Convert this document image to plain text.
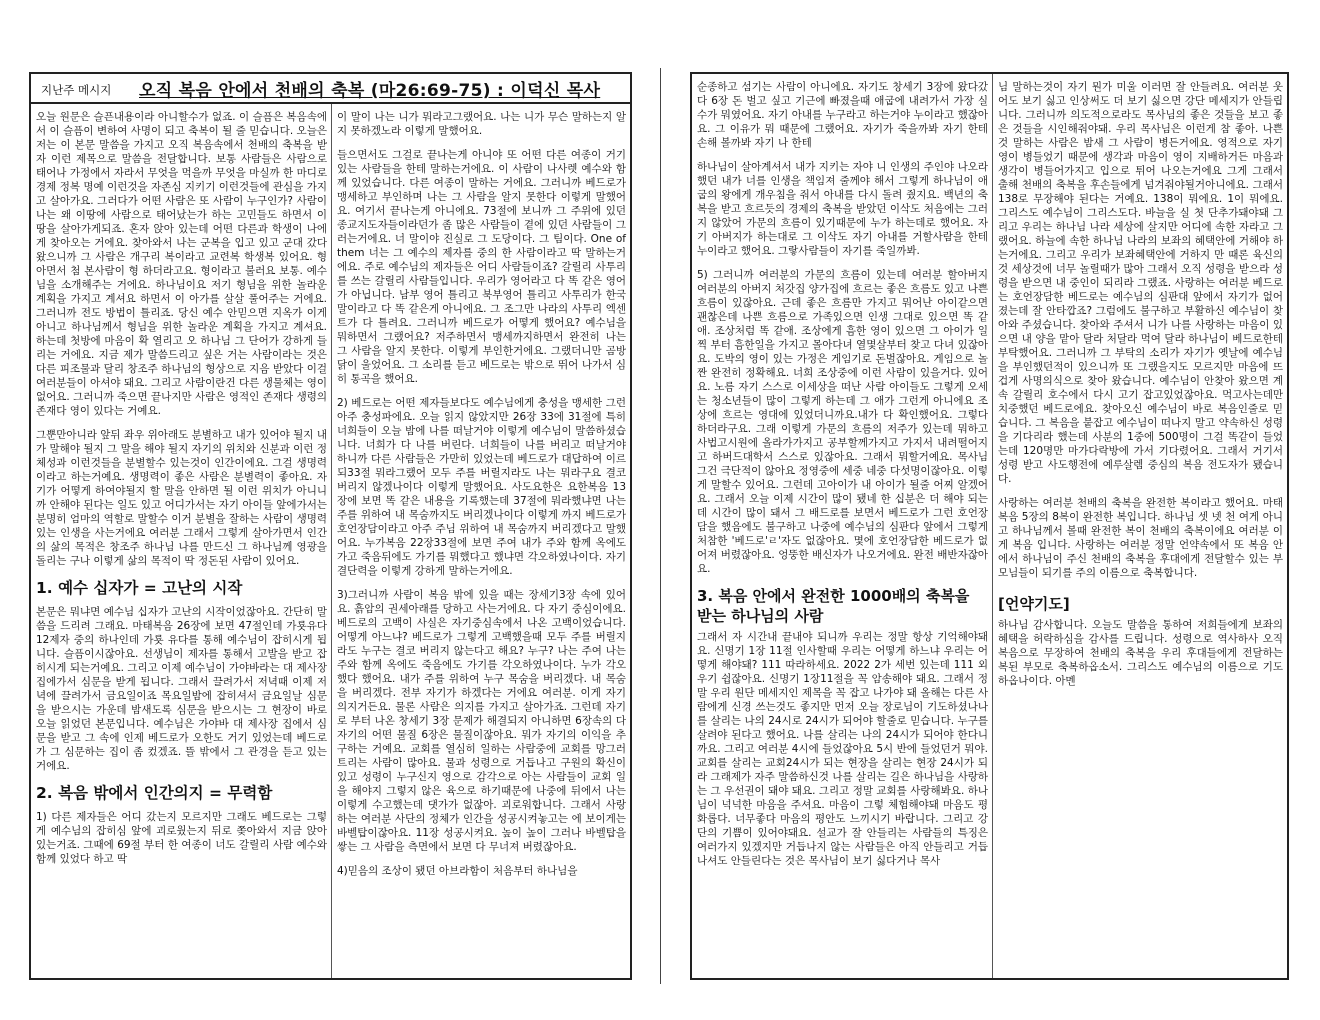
지난주 메시지 오직 복음 안에서 천배의 축복 (마26:69-75) : 이덕신 목사

오늘 원문은 슬픈내용이라 아니할수가 없죠. 이 슬픔은 복음속에서 이 슬픔이 변하여 사명이 되고 축복이 될 줄 믿습니다. 오늘은 저는 이 본문 말씀을 가지고 오직 복음속에서 천배의 축복을 받자 이런 제목으로 말씀을 전달합니다. 보통 사람들은 사람으로 태어나 가정에서 자라서 무엇을 먹을까 무엇을 마실까 한 마디로 경제 정복 명예 이런것을 자존심 지키기 이런것들에 관심을 가지고 살아가요. 그러다가 어떤 사람은 또 사람이 누구인가? 사람이 나는 왜 이땅에 사람으로 태어났는가 하는 고민들도 하면서 이 땅을 살아가게되죠. 혼자 앉아 있는데 어떤 다른과 학생이 나에게 찾아오는 거에요. 찾아와서 나는 군복을 입고 있고 군대 갔다 왔으니까 그 사람은 개구리 복이라고 교련복 학생복 있어요. 형아면서 첨 본사람이 형 하더라고요. 형이라고 불러요 보통. 예수님을 소개해주는 거에요. 하나님이요 저기 형님을 위한 놀라운 계획을 가지고 계셔요 하면서 이 아가를 살살 풀어주는 거에요. 그러니까 전도 방법이 틀리죠. 당신 예수 안믿으면 지옥가 이게 아니고 하나님께서 형님을 위한 놀라운 계획을 가지고 계셔요. 하는데 첫방에 마음이 확 열리고 오 하나님 그 단어가 강하게 들리는 거에요. 지금 제가 말씀드리고 싶은 거는 사람이라는 것은 다른 피조물과 달리 창조주 하나님의 형상으로 지음 받았다 이걸 여러분들이 아셔야 돼요. 그리고 사람이란건 다른 생물체는 영이 없어요. 그러니까 죽으면 끝나지만 사람은 영적인 존재다 생령의 존재다 영이 있다는 거예요.

그뿐만아니라 앞뒤 좌우 위아래도 분별하고 내가 있어야 될지 내가 말해야 될지 그 말을 해야 될지 자기의 위치와 신분과 이런 정체성과 이런것들을 분별할수 있는것이 인간이에요. 그걸 생명력이라고 하는거예요. 생명력이 좋은 사람은 분별력이 좋아요. 자기가 어떻게 하여야될지 할 말을 안하면 될 이런 위치가 아니니까 안해야 된다는 일도 있고 어디가서는 자기 아이들 앞에가서는 분명히 엄마의 역할로 말할수 이거 분별을 잘하는 사람이 생명력있는 인생을 사는거에요 여러분 그래서 그렇게 살아가면서 인간의 삶의 목적은 창조주 하나님 나를 만드신 그 하나님께 영광을 돌리는 구나 이렇게 삶의 목적이 딱 정돈된 사람이 있어요.

1. 예수 십자가 = 고난의 시작

본문은 뭐냐면 예수님 십자가 고난의 시작이었잖아요. 간단히 말씀을 드리려 그래요. 마태복음 26장에 보면 47절인데 가룟유다 12제자 중의 하나인데 가룟 유다를 통해 예수님이 잡히시게 됩니다. 슬픔이시잖아요. 선생님이 제자를 통해서 고발을 받고 잡히시게 되는거예요. 그리고 이제 예수님이 가야바라는 대 제사장 집에가서 심문을 받게 됩니다. 그래서 끌려가서 저녁때 이제 저녁에 끌려가서 금요일이죠 목요일밤에 잡히셔서 금요일날 심문을 받으시는 가운데 밤새도록 심문을 받으시는 그 현장이 바로 오늘 읽었던 본문입니다. 예수님은 가야바 대 제사장 집에서 심문을 받고 그 속에 인제 베드로가 오한도 거기 있었는데 베드로가 그 심문하는 집이 좀 컸겠죠. 뜰 밖에서 그 관경을 듣고 있는 거에요.

2. 복음 밖에서 인간의지 = 무력함

1) 다른 제자들은 어디 갔는지 모르지만 그래도 베드로는 그렇게 예수님의 잡히심 앞에 괴로웠는지 뒤로 쫒아와서 지금 앉아 있는거죠. 그때에 69절 부터 한 여종이 너도 갈릴리 사람 예수와 함께 있었다 하고 딱

이 말이 나는 니가 뭐라고그랬어요. 나는 니가 무슨 말하는지 알지 못하겠노라 이렇게 말했어요.

들으면서도 그걸로 끝나는게 아니야 또 어떤 다른 여종이 거기 있는 사람들을 한테 말하는거에요. 이 사람이 나사렛 예수와 함께 있었습니다. 다른 여종이 말하는 거에요. 그러니까 베드로가 맹세하고 부인하며 나는 그 사람을 알지 못한다 이렇게 말했어요. 여기서 끝나는게 아니에요. 73절에 보니까 그 주위에 있던 종교지도자들이라던가 좀 많은 사람들이 곁에 있던 사람들이 그러는거에요. 너 말이야 진실로 그 도당이다. 그 팀이다. One of them 너는 그 예수의 제자를 중의 한 사람이라고 딱 말하는거에요. 주로 예수님의 제자들은 어디 사람들이죠? 갈릴리 사투리를 쓰는 갈릴리 사람들입니다. 우리가 영어라고 다 똑 같은 영어가 아닙니다. 남부 영어 틀리고 북부영어 틀리고 사투리가 한국말이라고 다 똑 같은게 아니에요. 그 조그만 나라의 사투리 엑센트가 다 틀려요. 그러니까 베드로가 어떻게 했어요? 예수님을 뭐하면서 그랬어요? 저주하면서 맹세까지하면서 완전히 나는 그 사람을 알지 못한다. 이렇게 부인한거에요. 그랬더니만 곰방 닭이 울었어요. 그 소리를 듣고 베드로는 밖으로 뛰어 나가서 심히 통곡을 했어요.

2) 베드로는 어떤 제자들보다도 예수님에게 충성을 맹세한 그런 아주 충성파에요. 오늘 읽지 않았지만 26장 33에 31절에 특히 너희들이 오늘 밤에 나를 떠날거야 이렇게 예수님이 말씀하셨습니다. 너희가 다 나를 버린다. 너희들이 나를 버리고 떠날거야 하니까 다른 사람들은 가만히 있었는데 베드로가 대답하여 이르되33절 뭐라그랬어 모두 주를 버릴지라도 나는 뭐라구요 결코 버리지 않겠나이다 이렇게 말했어요. 사도요한은 요한복음 13장에 보면 똑 같은 내용을 기록했는데 37절에 뭐라했냐면 나는 주를 위하여 내 목숨까지도 버리겠나이다 이렇게 까지 베드로가 호언장담이라고 아주 주님 위하여 내 목숨까지 버리겠다고 말했어요. 누가복음 22장33절에 보면 주여 내가 주와 함께 옥에도 가고 죽음뒤에도 가기를 뭐했다고 했냐면 각오하였나이다. 자기 결단력을 이렇게 강하게 말하는거에요.

3)그러니까 사람이 복음 밖에 있을 때는 장세기3장 속에 있어요. 흙암의 권세아래를 당하고 사는거에요. 다 자기 중심이에요. 베드로의 고백이 사실은 자기중심속에서 나온 고백이었습니다. 어떻게 아느냐? 베드로가 그렇게 고백했을때 모두 주를 버릴지라도 누구는 결코 버리지 않는다고 해요? 누구? 나는 주여 나는 주와 함께 옥에도 죽음에도 가기를 각오하였나이다. 누가 각오했다 했어요. 내가 주를 위하여 누구 목숨을 버리겠다. 내 목숨을 버리겠다. 전부 자기가 하겠다는 거에요 여러분. 이게 자기 의지거든요. 물론 사람은 의지를 가지고 살아가죠. 그런데 자기로 부터 나온 창세기 3장 문제가 해결되지 아니하면 6장속의 다 자기의 어떤 물질 6장은 물질이잖아요. 뭐가 자기의 이익을 추구하는 거예요. 교회를 열심히 일하는 사람중에 교회를 망그러트리는 사람이 많아요. 물과 성령으로 거듭나고 구원의 확신이 있고 성령이 누구신지 영으로 감각으로 아는 사람들이 교회 일을 해야지 그렇지 않은 육으로 하기때문에 나중에 뒤에서 나는 이렇게 수고했는데 댓가가 없잖아. 괴로워합니다. 그래서 사랑하는 여러분 사단의 정체가 인간을 성공시켜놓고는 에 보이게는 바벨탑이잖아요. 11장 성공시켜요. 높이 높이 그러나 바벨탑을 쌓는 그 사람을 측면에서 보면 다 무너져 버렸잖아요.

4)믿음의 조상이 됐던 아브라함이 처음부터 하나님을

순종하고 섬기는 사람이 아니에요. 자기도 창세기 3장에 왔다갔다 6장 돈 벌고 싶고 기근에 빠졌을때 애굽에 내려가서 가장 실수가 뭐였어요. 자기 아내를 누구라고 하는거야 누이라고 했잖아요. 그 이유가 뭐 때문에 그랬어요. 자기가 죽을까봐 자기 한테 손해 볼까봐 자기 나 한테

하나님이 살아계셔서 내가 지키는 자야 니 인생의 주인야 나오라 했던 내가 너를 인생을 책임져 줄께야 해서 그렇게 하나님이 애굽의 왕에게 개우침을 줘서 아내를 다시 돌려 줬지요. 백년의 축복을 받고 흐르듯의 경제의 축복을 받았던 이삭도 처음에는 그러지 않았어 가문의 흐름이 있기때문에 누가 하는데로 했어요. 자기 아버지가 하는대로 그 이삭도 자기 아내를 거할사람을 한테 누이라고 했어요. 그랗사람들이 자기를 죽일까봐.

5) 그러니까 여러분의 가문의 흐름이 있는데 여러분 할아버지 여러분의 아버지 처갓집 양가집에 흐르는 좋은 흐름도 있고 나쁜 흐름이 있잖아요. 근데 좋은 흐름만 가지고 뭐어난 아이같으면 괜찮은데 나쁜 흐름으로 가족있으면 인생 그대로 있으면 똑 같애. 조상처럼 똑 같애. 조상에게 흠한 영이 있으면 그 아이가 일찍 부터 흠한일을 가지고 몰아다녀 열몇살부터 찾고 다녀 있잖아요. 도박의 영이 있는 가정은 게임기로 돈벌잖아요. 게임으로 놀짠 완전히 정확해요. 너희 조상중에 이런 사람이 있을거다. 있어요. 노름 자기 스스로 이세상을 떠난 사람 아이들도 그렇게 오세는 청소년들이 많이 그렇게 하는데 그 애가 그런게 아니에요 조상에 흐르는 영대에 있었더니까요.내가 다 확인했어요. 그렇다 하더라구요. 그래 이렇게 가문의 흐름의 저주가 있는데 뭐하고 사법고시원에 올라가가지고 공부할께가지고 가지서 내려떨어지고 하버드대학서 스스로 있잖아요. 그래서 뭐할거예요. 목사님 그건 극단적이 않아요 정영중에 세중 네중 다섯명이잖아요. 이렇게 말할수 있어요. 그런데 고아이가 내 아이가 될줄 어찌 알겠어요. 그래서 오늘 이제 시간이 많이 됐네 한 십분은 더 해야 되는데 시간이 많이 돼서 그 배드로를 보면서 베드로가 그런 호언장담을 했음에도 불구하고 나중에 예수님의 심판다 앞에서 그렇게 처참한 '베드로'ㄹ'자도 없잖아요. 몇에 호언장담한 베드로가 없어져 버렸잖아요. 엉뚱한 배신자가 나오거에요. 완전 배반자잖아요.

3. 복음 안에서 완전한 1000배의 축복을 받는 하나님의 사람

그래서 자 시간내 끝내야 되니까 우리는 정말 항상 기억해야돼요. 신명기 1장 11절 인사할때 우리는 어떻게 하느냐 우리는 어떻게 해야돼? 111 따라하세요. 2022 2가 세번 있는데 111 외우기 쉽잖아요. 신명기 1장11절을 꼭 암송해야 돼요. 그래서 정말 우리 원단 메세지인 제목을 꼭 잡고 나가야 돼 올해는 다른 사람에게 신경 쓰는것도 좋지만 먼저 오늘 장로님이 기도하셨나나를 살리는 나의 24시로 24시가 되어야 할줄로 믿습니다. 누구를 살려야 된다고 했어요. 나를 살리는 나의 24시가 되어야 한다니까요. 그리고 여러분 4시에 들었잖아요 5시 반에 들었던거 뭐야. 교회를 살리는 교회24시가 되는 현장을 살리는 현장 24시가 되라 그래제가 자주 말씀하신것 나를 살리는 길은 하나님을 사랑하는 그 우선권이 돼야 돼요. 그리고 정말 교회를 사랑해봐요. 하나님이 넉넉한 마음을 주셔요. 마음이 그렇 체험해야돼 마음도 평화롭다. 너무좋다 마음의 평안도 느끼시기 바랍니다. 그리고 강단의 기쁨이 있어야돼요. 설교가 잘 안들리는 사람들의 특징은 여러가지 있겠지만 거듭나지 않는 사람들은 아직 안들리고 거듭나셔도 안들린다는 것은 목사님이 보기 싫다거나 목사

님 말하는것이 자기 뭔가 미울 이러면 잘 안들려요. 여러분 웃어도 보기 싫고 인상써도 더 보기 싫으면 강단 메세지가 안들립니다. 그러니까 의도적으로라도 목사님의 좋은 것들을 보고 좋은 것들을 시인해줘야돼. 우리 목사님은 이런게 참 좋아. 나쁜것 말하는 사람은 밤새 그 사람이 병든거에요. 영적으로 자기 영이 병들었기 때문에 생각과 마음이 영이 지배하거든 마음과 생각이 병들어가지고 입으로 튀어 나오는거에요 그게 그래서 출해 천배의 축복을 후손들에게 넘겨줘야될거아니에요. 그래서 138로 무장해야 된다는 거예요. 138이 뭐에요. 1이 뭐에요. 그리스도 예수님이 그리스도다. 바늘을 실 첫 단추가돼야돼 그리고 우리는 하나님 나라 세상에 살지만 어디에 속한 자라고 그랬어요. 하늘에 속한 하나님 나라의 보좌의 혜택안에 거해야 하는거에요. 그리고 우리가 보좌혜택안에 거하지 만 때론 육신의것 세상것에 너무 놀릴때가 많아 그래서 오직 성령을 받으라 성령을 받으면 내 중인이 되리라 그랬죠. 사랑하는 여러분 베드로는 호언장담한 베드로는 예수님의 심판대 앞에서 자기가 없어졌는데 잘 안타깝죠? 그럼에도 불구하고 부활하신 예수님이 찾아와 주셨습니다. 찾아와 주셔서 니가 나를 사랑하는 마음이 있으면 내 양을 맡아 달라 처달라 먹여 달라 하나님이 베드로한테 부탁했어요. 그러니까 그 부탁의 소리가 자기가 옛날에 예수님을 부인했던적이 있으니까 또 그랬을지도 모르지만 마음에 뜨겁게 사명의식으로 찾아 왔습니다. 예수님이 안찾아 왔으면 계속 갈릴리 호수에서 다시 고기 잡고있었잖아요. 먹고사는데만 치중했던 베드로에요. 찾아오신 예수님이 바로 복음인줄로 믿습니다. 그 복음을 붙잡고 예수님이 떠나지 말고 약속하신 성령을 기다리라 했는데 사분의 1중에 500명이 그걸 똑같이 들었는데 120명만 마가다락방에 가서 기다렸어요. 그래서 거기서 성령 받고 사도행전에 예루살렘 중심의 복음 전도자가 됐습니다.

사랑하는 여러분 천배의 축복을 완전한 복이라고 했어요. 마태복음 5장의 8복이 완전한 복입니다. 하나님 셋 넷 천 여게 아니고 하나님께서 볼때 완전한 복이 천배의 축복이에요 여러분 이게 복음 입니다. 사랑하는 여러분 정말 언약속에서 또 복음 안에서 하나님이 주신 천배의 축복을 후대에게 전달할수 있는 부모님들이 되기를 주의 이름으로 축복합니다.

[언약기도]

하나님 감사합니다. 오늘도 말씀을 통하여 저희들에게 보좌의 혜택을 허락하심을 감사를 드립니다. 성령으로 역사하사 오직 복음으로 무장하여 천배의 축복을 우리 후대들에게 전달하는 복된 부모로 축복하옵소서. 그리스도 예수님의 이름으로 기도하옵나이다. 아멘
